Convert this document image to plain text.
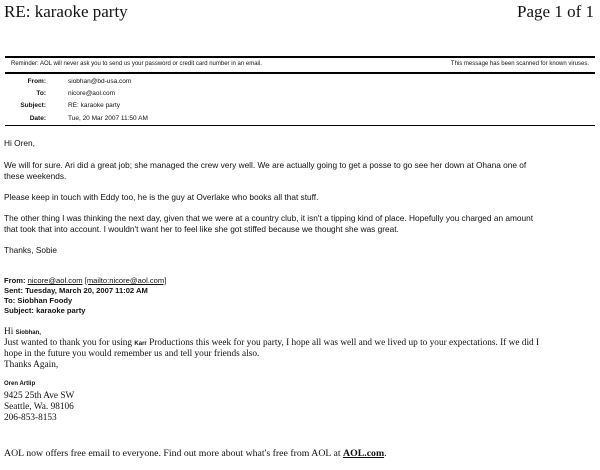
RE: karaoke party	Page 1 of 1
Reminder: AOL will never ask you to send us your password or credit card number in an email.	This message has been scanned for known viruses.
From:	siobhan@bd-usa.com
To:	nicore@aol.com
Subject:	RE: karaoke party
Date:	Tue, 20 Mar 2007 11:50 AM
Hi Oren,
We will for sure. Ari did a great job; she managed the crew very well. We are actually going to get a posse to go see her down at Ohana one of
these weekends.
Please keep in touch with Eddy too, he is the guy at Overlake who books all that stuff.
The other thing I was thinking the next day, given that we were at a country club, it isn't a tipping kind of place. Hopefully you charged an amount
that took that into account. I wouldn't want her to feel like she got stiffed because we thought she was great.
Thanks, Sobie
From: nicore@aol.com [mailto:nicore@aol.com]
Sent: Tuesday, March 20, 2007 11:02 AM
To: Siobhan Foody
Subject: karaoke party
Hi Siobhan,
Just wanted to thank you for using Karr Productions this week for you party, I hope all was well and we lived up to your expectations. If we did I
hope in the future you would remember us and tell your friends also.
Thanks Again,
Oren Artlip
9425 25th Ave SW
Seattle, Wa. 98106
206-853-8153
AOL now offers free email to everyone. Find out more about what's free from AOL at AOL.com.
